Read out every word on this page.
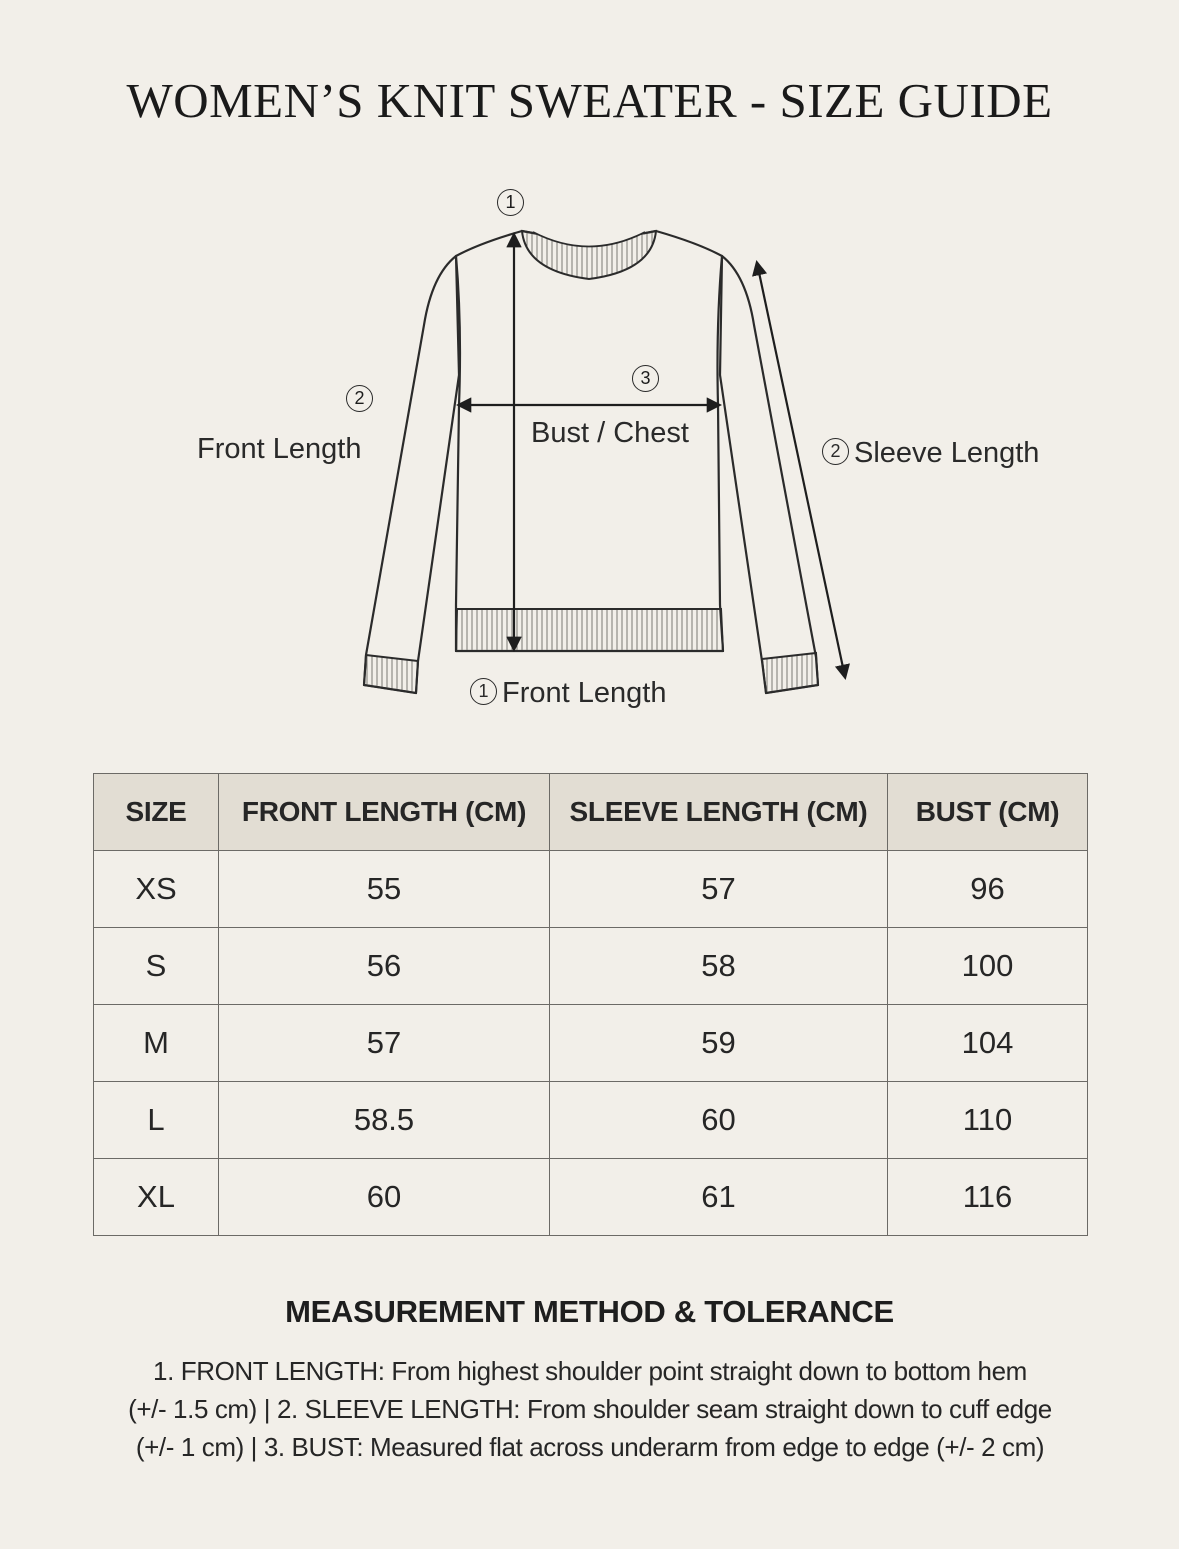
WOMEN’S KNIT SWEATER - SIZE GUIDE
1
2
Front Length
3
Bust / Chest
2 Sleeve Length
1 Front Length
SIZE	FRONT LENGTH (CM)	SLEEVE LENGTH (CM)	BUST (CM)
XS	55	57	96
S	56	58	100
M	57	59	104
L	58.5	60	110
XL	60	61	116
MEASUREMENT METHOD & TOLERANCE
1. FRONT LENGTH: From highest shoulder point straight down to bottom hem
(+/- 1.5 cm) | 2. SLEEVE LENGTH: From shoulder seam straight down to cuff edge
(+/- 1 cm) | 3. BUST: Measured flat across underarm from edge to edge (+/- 2 cm)
